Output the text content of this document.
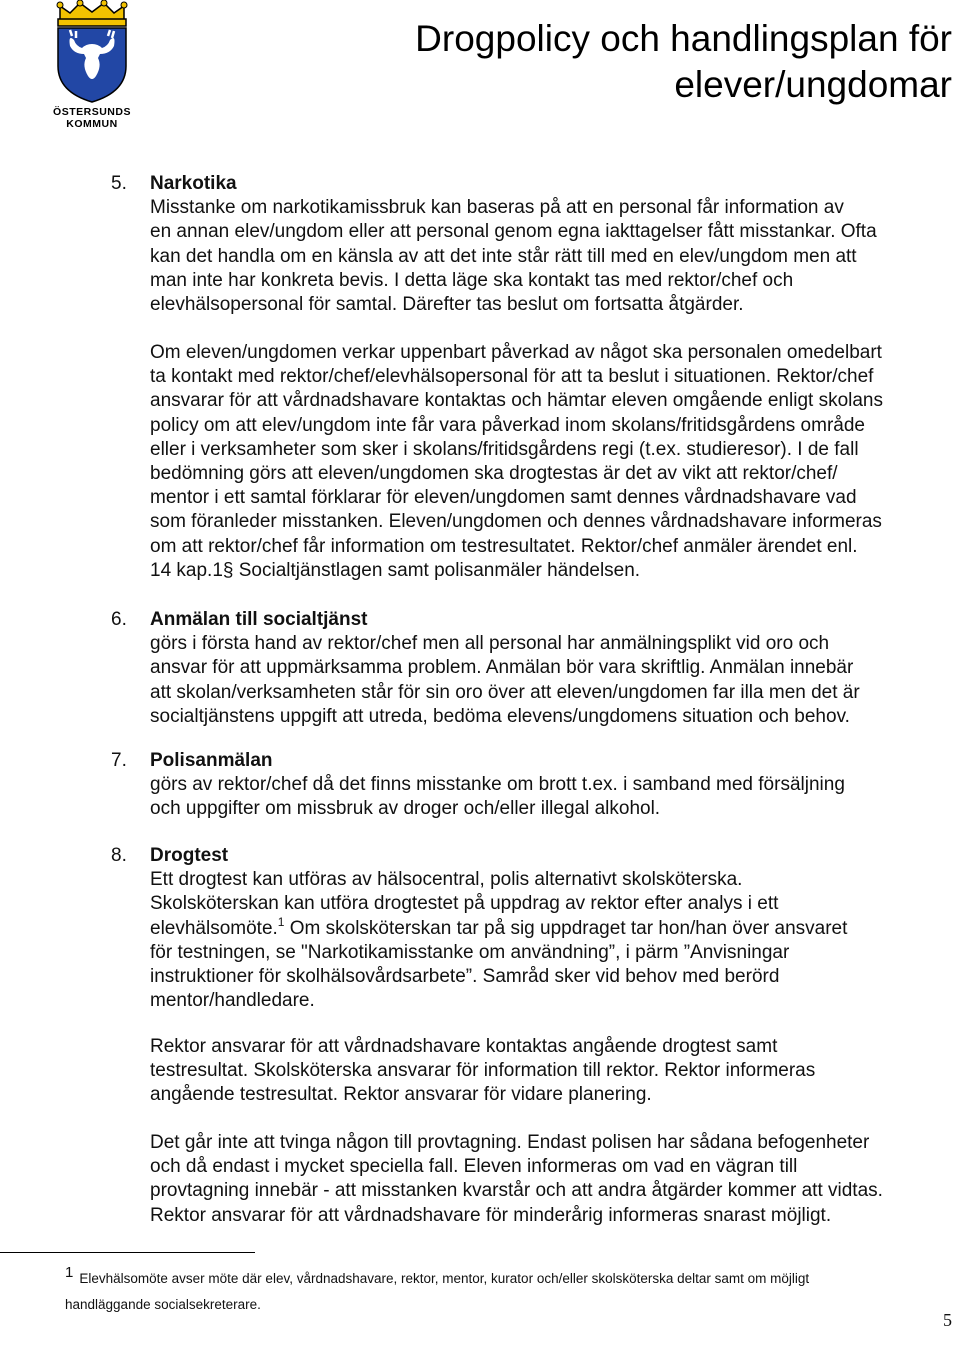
ÖSTERSUNDS
KOMMUN
Drogpolicy och handlingsplan för
elever/ungdomar
5. Narkotika
Misstanke om narkotikamissbruk kan baseras på att en personal får information av
en annan elev/ungdom eller att personal genom egna iakttagelser fått misstankar. Ofta
kan det handla om en känsla av att det inte står rätt till med en elev/ungdom men att
man inte har konkreta bevis. I detta läge ska kontakt tas med rektor/chef och
elevhälsopersonal för samtal. Därefter tas beslut om fortsatta åtgärder.
Om eleven/ungdomen verkar uppenbart påverkad av något ska personalen omedelbart
ta kontakt med rektor/chef/elevhälsopersonal för att ta beslut i situationen. Rektor/chef
ansvarar för att vårdnadshavare kontaktas och hämtar eleven omgående enligt skolans
policy om att elev/ungdom inte får vara påverkad inom skolans/fritidsgårdens område
eller i verksamheter som sker i skolans/fritidsgårdens regi (t.ex. studieresor). I de fall
bedömning görs att eleven/ungdomen ska drogtestas är det av vikt att rektor/chef/
mentor i ett samtal förklarar för eleven/ungdomen samt dennes vårdnadshavare vad
som föranleder misstanken. Eleven/ungdomen och dennes vårdnadshavare informeras
om att rektor/chef får information om testresultatet. Rektor/chef anmäler ärendet enl.
14 kap.1§ Socialtjänstlagen samt polisanmäler händelsen.
6. Anmälan till socialtjänst
görs i första hand av rektor/chef men all personal har anmälningsplikt vid oro och
ansvar för att uppmärksamma problem. Anmälan bör vara skriftlig. Anmälan innebär
att skolan/verksamheten står för sin oro över att eleven/ungdomen far illa men det är
socialtjänstens uppgift att utreda, bedöma elevens/ungdomens situation och behov.
7. Polisanmälan
görs av rektor/chef då det finns misstanke om brott t.ex. i samband med försäljning
och uppgifter om missbruk av droger och/eller illegal alkohol.
8. Drogtest
Ett drogtest kan utföras av hälsocentral, polis alternativt skolsköterska.
Skolsköterskan kan utföra drogtestet på uppdrag av rektor efter analys i ett
elevhälsomöte.$^1$ Om skolsköterskan tar på sig uppdraget tar hon/han över ansvaret
för testningen, se "Narkotikamisstanke om användning”, i pärm ”Anvisningar
instruktioner för skolhälsovårdsarbete”. Samråd sker vid behov med berörd
mentor/handledare.
Rektor ansvarar för att vårdnadshavare kontaktas angående drogtest samt
testresultat. Skolsköterska ansvarar för information till rektor. Rektor informeras
angående testresultat. Rektor ansvarar för vidare planering.
Det går inte att tvinga någon till provtagning. Endast polisen har sådana befogenheter
och då endast i mycket speciella fall. Eleven informeras om vad en vägran till
provtagning innebär - att misstanken kvarstår och att andra åtgärder kommer att vidtas.
Rektor ansvarar för att vårdnadshavare för minderårig informeras snarast möjligt.
1 Elevhälsomöte avser möte där elev, vårdnadshavare, rektor, mentor, kurator och/eller skolsköterska deltar samt om möjligt
handläggande socialsekreterare.
5
